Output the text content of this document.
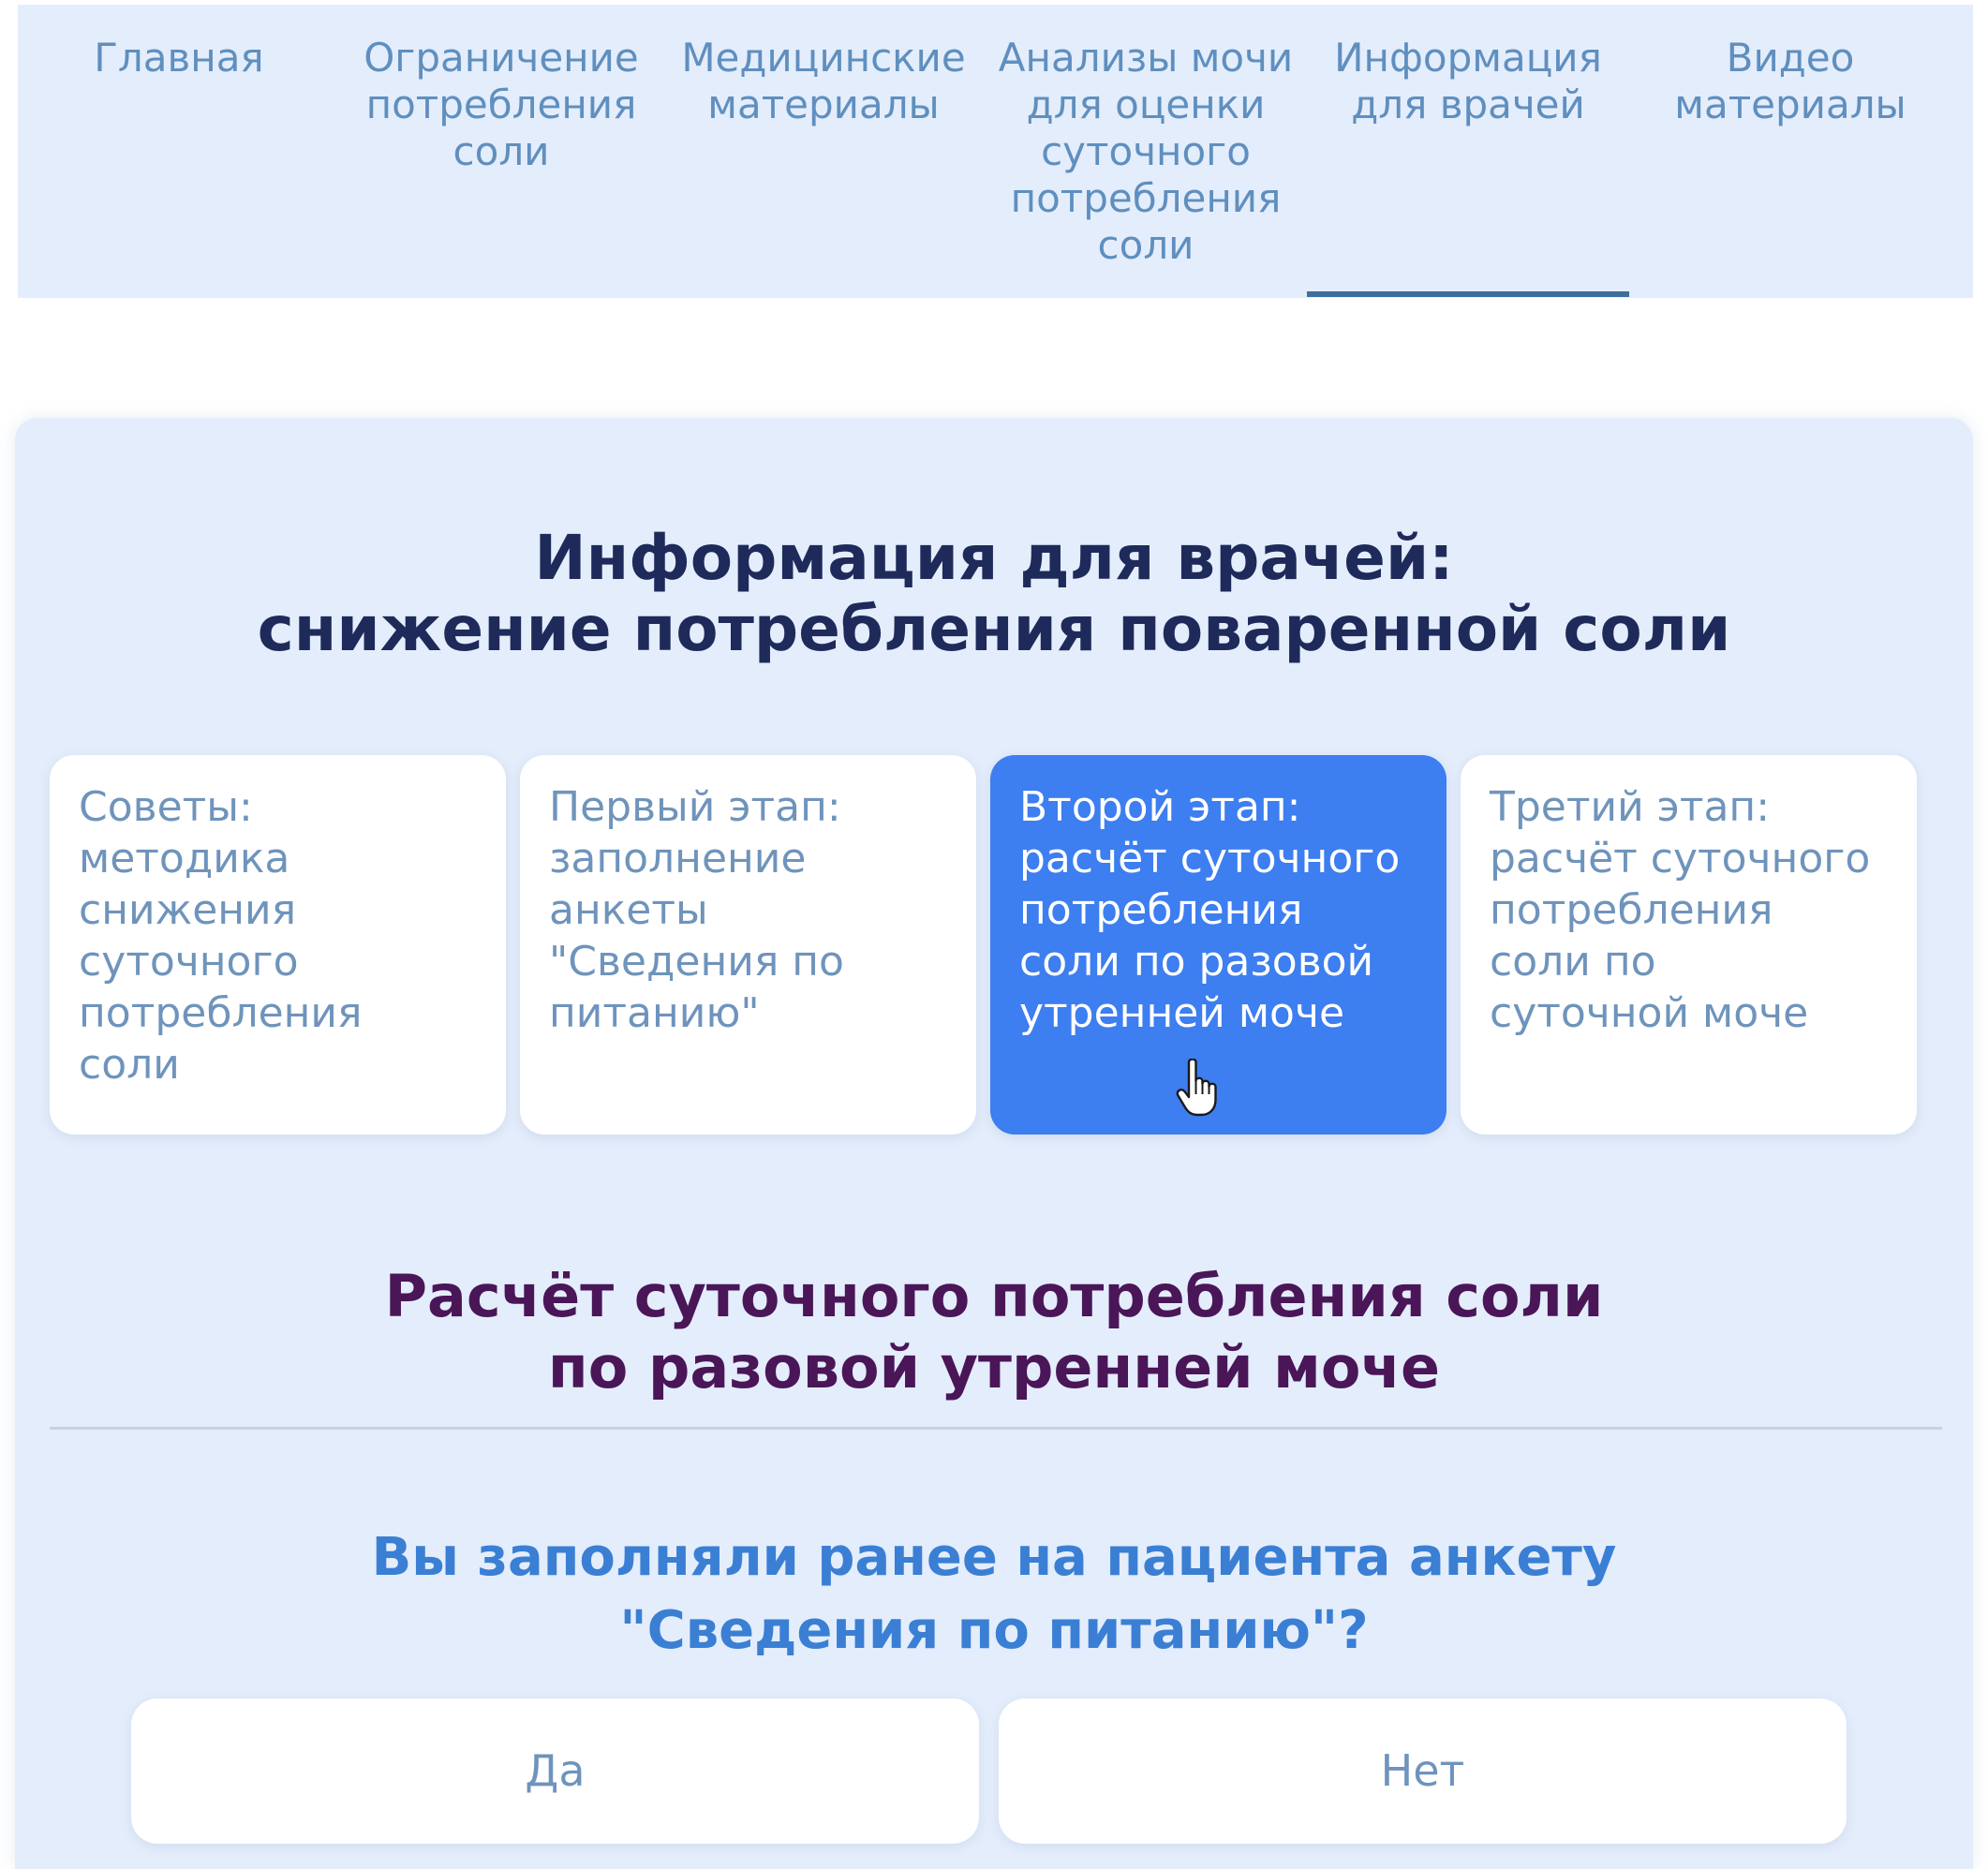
Главная	Ограничение
потребления
соли
Медицинские
материалы
Анализы мочи
для оценки
суточного
потребления
соли
Информация
для врачей
Видео
материалы
Информация для врачей:
снижение потребления поваренной соли
Советы:
методика
снижения
суточного
потребления
соли
Первый этап:
заполнение
анкеты
"Сведения по
питанию"
Второй этап:
расчёт суточного
потребления
соли по разовой
утренней моче
Третий этап:
расчёт суточного
потребления
соли по
суточной моче
Расчёт суточного потребления соли
по разовой утренней моче
Вы заполняли ранее на пациента анкету
"Сведения по питанию"?
Да	Нет
